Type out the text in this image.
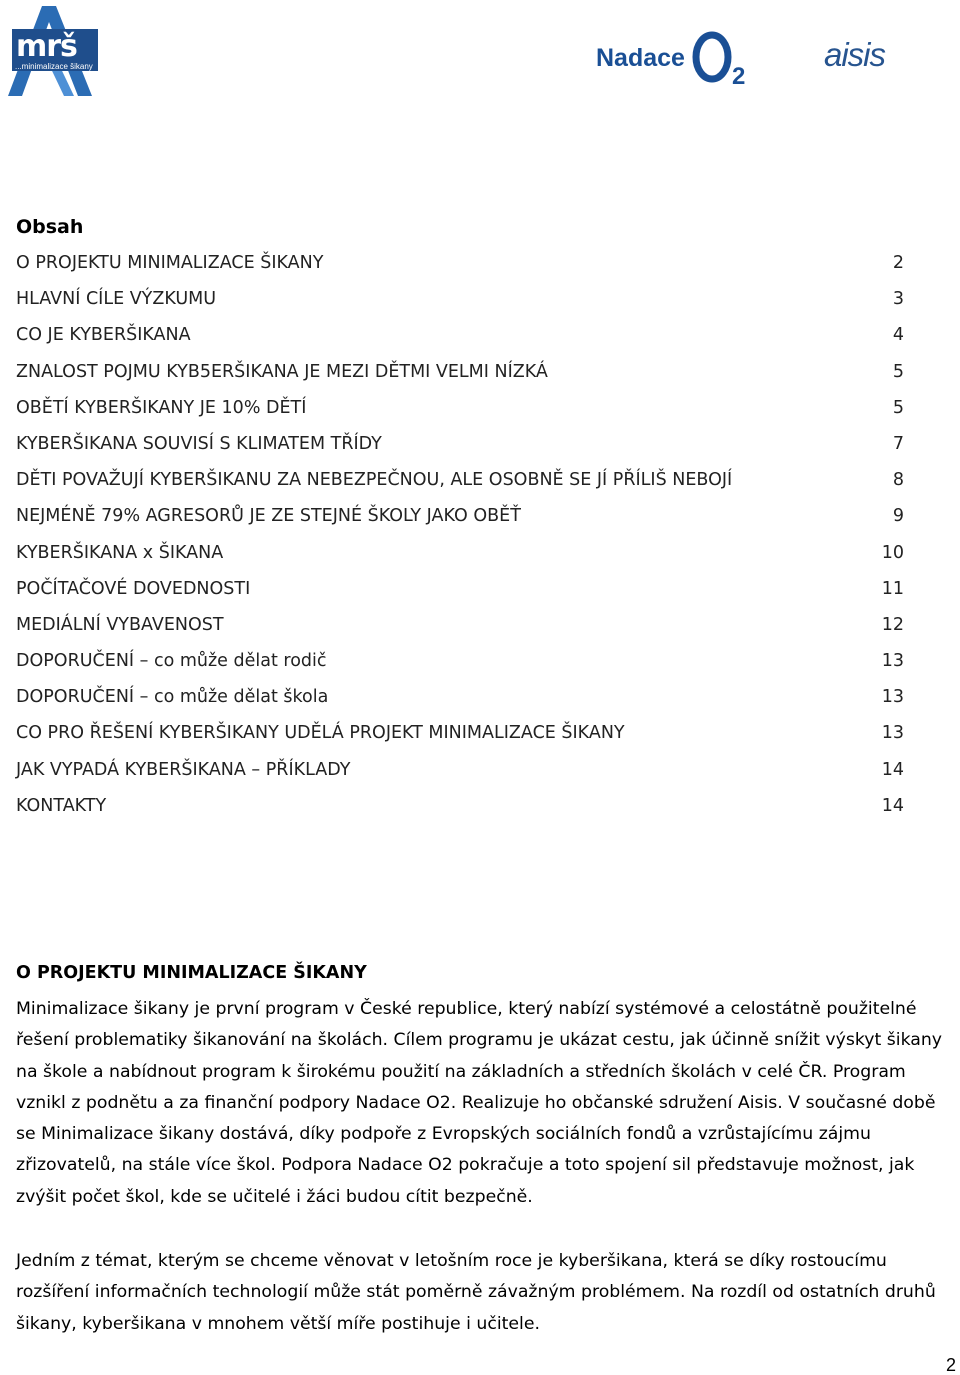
mrš
...minimalizace šikany	Nadace
2
aisis
Obsah
O PROJEKTU MINIMALIZACE ŠIKANY	2
HLAVNÍ CÍLE VÝZKUMU	3
CO JE KYBERŠIKANA	4
ZNALOST POJMU KYB5ERŠIKANA JE MEZI DĚTMI VELMI NÍZKÁ	5
OBĚTÍ KYBERŠIKANY JE 10% DĚTÍ	5
KYBERŠIKANA SOUVISÍ S KLIMATEM TŘÍDY	7
DĚTI POVAŽUJÍ KYBERŠIKANU ZA NEBEZPEČNOU, ALE OSOBNĚ SE JÍ PŘÍLIŠ NEBOJÍ	8
NEJMÉNĚ 79% AGRESORŮ JE ZE STEJNÉ ŠKOLY JAKO OBĚŤ	9
KYBERŠIKANA x ŠIKANA	10
POČÍTAČOVÉ DOVEDNOSTI	11
MEDIÁLNÍ VYBAVENOST	12
DOPORUČENÍ – co může dělat rodič	13
DOPORUČENÍ – co může dělat škola	13
CO PRO ŘEŠENÍ KYBERŠIKANY UDĚLÁ PROJEKT MINIMALIZACE ŠIKANY	13
JAK VYPADÁ KYBERŠIKANA – PŘÍKLADY	14
KONTAKTY	14
O PROJEKTU MINIMALIZACE ŠIKANY

Minimalizace šikany je první program v České republice, který nabízí systémové a celostátně použitelné řešení problematiky šikanování na školách. Cílem programu je ukázat cestu, jak účinně snížit výskyt šikany na škole a nabídnout program k širokému použití na základních a středních školách v celé ČR. Program vznikl z podnětu a za finanční podpory Nadace O2. Realizuje ho občanské sdružení Aisis. V současné době se Minimalizace šikany dostává, díky podpoře z Evropských sociálních fondů a vzrůstajícímu zájmu zřizovatelů, na stále více škol. Podpora Nadace O2 pokračuje a toto spojení sil představuje možnost, jak zvýšit počet škol, kde se učitelé i žáci budou cítit bezpečně.

Jedním z témat, kterým se chceme věnovat v letošním roce je kyberšikana, která se díky rostoucímu rozšíření informačních technologií může stát poměrně závažným problémem. Na rozdíl od ostatních druhů šikany, kyberšikana v mnohem větší míře postihuje i učitele.

2
